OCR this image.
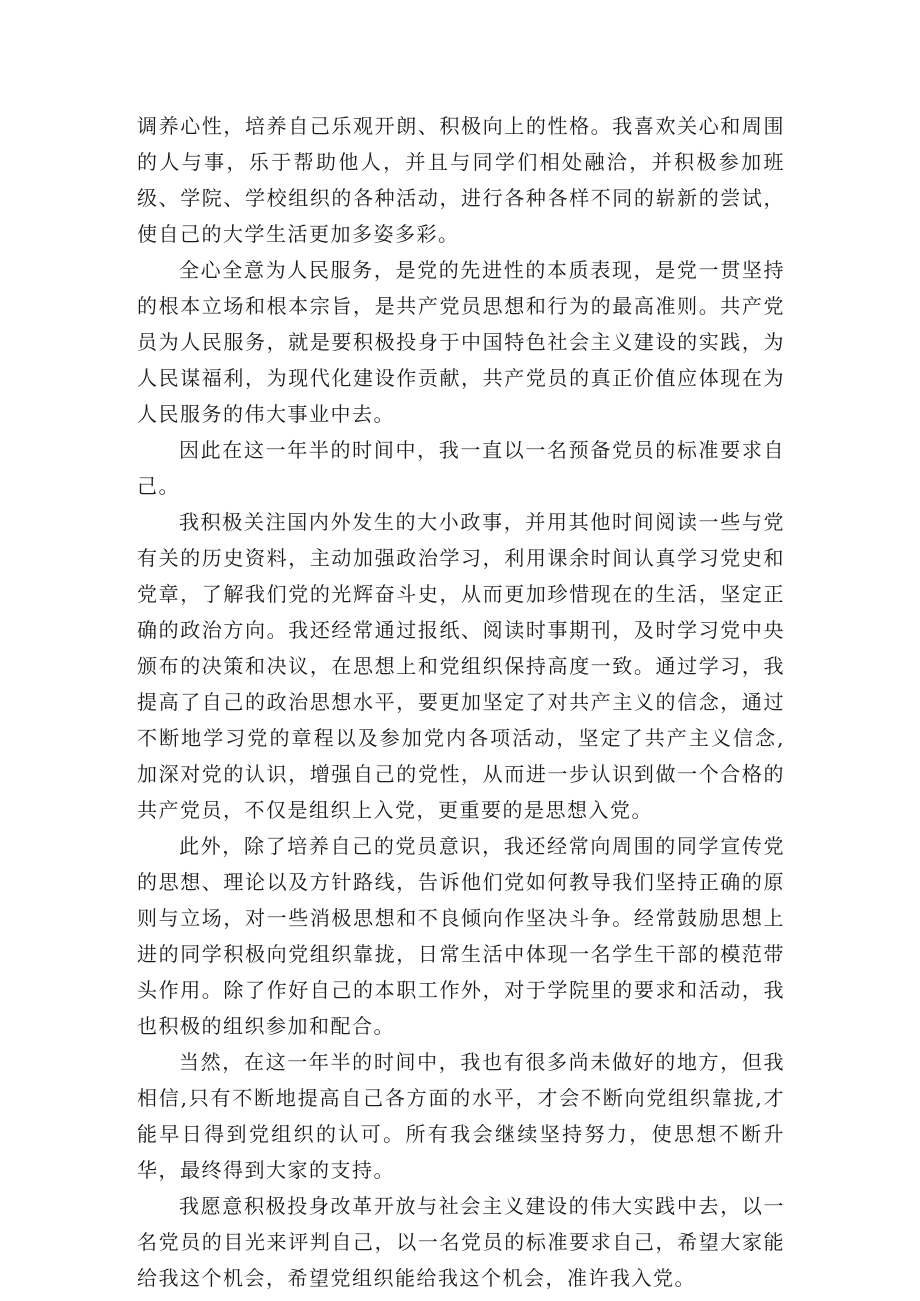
调养心性，培养自己乐观开朗、积极向上的性格。我喜欢关心和周围的人与事，乐于帮助他人，并且与同学们相处融洽，并积极参加班级、学院、学校组织的各种活动，进行各种各样不同的崭新的尝试，使自己的大学生活更加多姿多彩。

全心全意为人民服务，是党的先进性的本质表现，是党一贯坚持的根本立场和根本宗旨，是共产党员思想和行为的最高准则。共产党员为人民服务，就是要积极投身于中国特色社会主义建设的实践，为人民谋福利，为现代化建设作贡献，共产党员的真正价值应体现在为人民服务的伟大事业中去。

因此在这一年半的时间中，我一直以一名预备党员的标准要求自己。

我积极关注国内外发生的大小政事，并用其他时间阅读一些与党有关的历史资料，主动加强政治学习，利用课余时间认真学习党史和党章，了解我们党的光辉奋斗史，从而更加珍惜现在的生活，坚定正确的政治方向。我还经常通过报纸、阅读时事期刊，及时学习党中央颁布的决策和决议，在思想上和党组织保持高度一致。通过学习，我提高了自己的政治思想水平，要更加坚定了对共产主义的信念，通过不断地学习党的章程以及参加党内各项活动，坚定了共产主义信念,加深对党的认识，增强自己的党性，从而进一步认识到做一个合格的共产党员，不仅是组织上入党，更重要的是思想入党。

此外，除了培养自己的党员意识，我还经常向周围的同学宣传党的思想、理论以及方针路线，告诉他们党如何教导我们坚持正确的原则与立场，对一些消极思想和不良倾向作坚决斗争。经常鼓励思想上进的同学积极向党组织靠拢，日常生活中体现一名学生干部的模范带头作用。除了作好自己的本职工作外，对于学院里的要求和活动，我也积极的组织参加和配合。

当然，在这一年半的时间中，我也有很多尚未做好的地方，但我相信,只有不断地提高自己各方面的水平，才会不断向党组织靠拢,才能早日得到党组织的认可。所有我会继续坚持努力，使思想不断升华，最终得到大家的支持。

我愿意积极投身改革开放与社会主义建设的伟大实践中去，以一名党员的目光来评判自己，以一名党员的标准要求自己，希望大家能给我这个机会，希望党组织能给我这个机会，准许我入党。
